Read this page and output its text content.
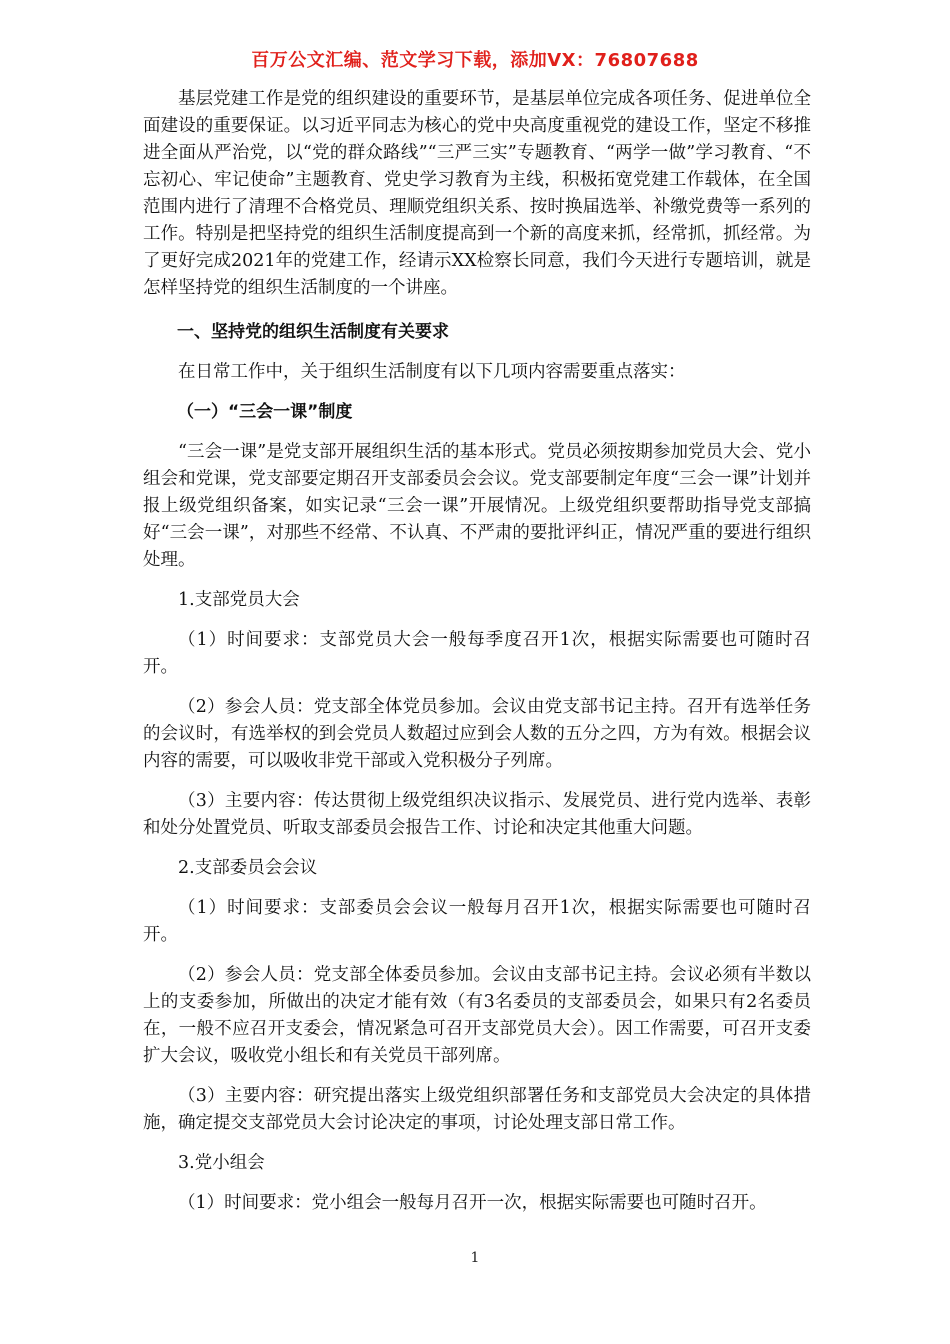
百万公文汇编、范文学习下载，添加VX：76807688

基层党建工作是党的组织建设的重要环节，是基层单位完成各项任务、促进单位全面建设的重要保证。以习近平同志为核心的党中央高度重视党的建设工作，坚定不移推进全面从严治党，以“党的群众路线”“三严三实”专题教育、“两学一做”学习教育、“不忘初心、牢记使命”主题教育、党史学习教育为主线，积极拓宽党建工作载体，在全国范围内进行了清理不合格党员、理顺党组织关系、按时换届选举、补缴党费等一系列的工作。特别是把坚持党的组织生活制度提高到一个新的高度来抓，经常抓，抓经常。为了更好完成2021年的党建工作，经请示XX检察长同意，我们今天进行专题培训，就是怎样坚持党的组织生活制度的一个讲座。

一、坚持党的组织生活制度有关要求

在日常工作中，关于组织生活制度有以下几项内容需要重点落实：

（一）“三会一课”制度

“三会一课”是党支部开展组织生活的基本形式。党员必须按期参加党员大会、党小组会和党课，党支部要定期召开支部委员会会议。党支部要制定年度“三会一课”计划并报上级党组织备案，如实记录“三会一课”开展情况。上级党组织要帮助指导党支部搞好“三会一课”，对那些不经常、不认真、不严肃的要批评纠正，情况严重的要进行组织处理。

1.支部党员大会

（1）时间要求：支部党员大会一般每季度召开1次，根据实际需要也可随时召开。

（2）参会人员：党支部全体党员参加。会议由党支部书记主持。召开有选举任务的会议时，有选举权的到会党员人数超过应到会人数的五分之四，方为有效。根据会议内容的需要，可以吸收非党干部或入党积极分子列席。

（3）主要内容：传达贯彻上级党组织决议指示、发展党员、进行党内选举、表彰和处分处置党员、听取支部委员会报告工作、讨论和决定其他重大问题。

2.支部委员会会议

（1）时间要求：支部委员会会议一般每月召开1次，根据实际需要也可随时召开。

（2）参会人员：党支部全体委员参加。会议由支部书记主持。会议必须有半数以上的支委参加，所做出的决定才能有效（有3名委员的支部委员会，如果只有2名委员在，一般不应召开支委会，情况紧急可召开支部党员大会）。因工作需要，可召开支委扩大会议，吸收党小组长和有关党员干部列席。

（3）主要内容：研究提出落实上级党组织部署任务和支部党员大会决定的具体措施，确定提交支部党员大会讨论决定的事项，讨论处理支部日常工作。

3.党小组会

（1）时间要求：党小组会一般每月召开一次，根据实际需要也可随时召开。

1
